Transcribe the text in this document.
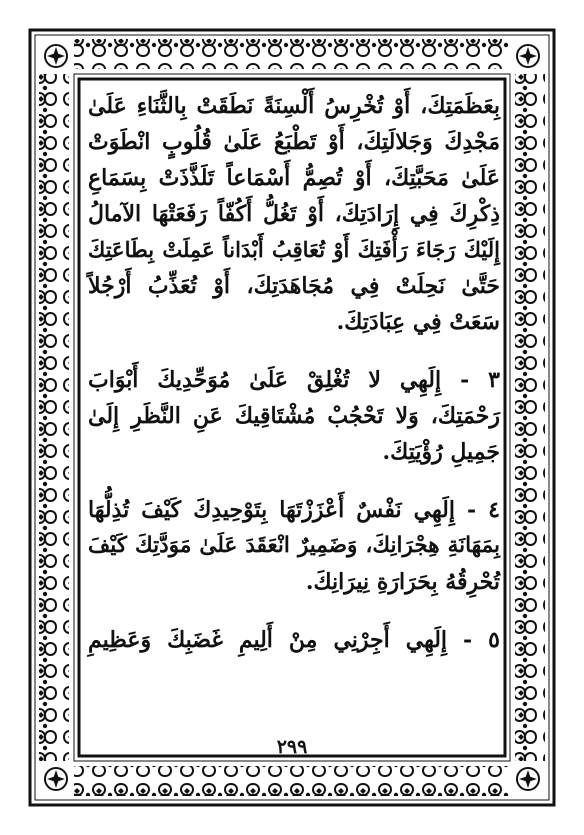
بِعَظَمَتِكَ، أَوْ تُخْرِسُ أَلْسِنَةً نَطَقَتْ بِالثَّنَاءِ عَلَىٰ
مَجْدِكَ وَجَلالَتِكَ، أَوْ تَطْبَعُ عَلَىٰ قُلُوبٍ انْطَوَتْ
عَلَىٰ مَحَبَّتِكَ، أَوْ تُصِمُّ أَسْمَاعاً تَلَذَّذَتْ بِسَمَاعِ
ذِكْرِكَ فِي إِرَادَتِكَ، أَوْ تَغُلُّ أَكُفّاً رَفَعَتْهَا الآمالُ
إِلَيْكَ رَجَاءَ رَأْفَتِكَ أَوْ تُعَاقِبُ أَبْدَاناً عَمِلَتْ بِطَاعَتِكَ
حَتَّىٰ نَحِلَتْ فِي مُجَاهَدَتِكَ، أَوْ تُعَذِّبُ أَرْجُلاً
سَعَتْ فِي عِبَادَتِكَ.
٣ - إِلَهِي لا تُغْلِقْ عَلَىٰ مُوَحِّدِيكَ أَبْوَابَ
رَحْمَتِكَ، وَلا تَحْجُبْ مُشْتَاقِيكَ عَنِ النَّظَرِ إِلَىٰ
جَمِيلِ رُؤْيَتِكَ.
٤ - إِلَهِي نَفْسٌ أَعْزَزْتَهَا بِتَوْحِيدِكَ كَيْفَ تُذِلُّهَا
بِمَهَانَةِ هِجْرَانِكَ، وَضَمِيرٌ انْعَقَدَ عَلَىٰ مَوَدَّتِكَ كَيْفَ
تُحْرِقُهُ بِحَرَارَةِ نِيرَانِكَ.
٥ - إِلَهِي أَجِرْنِي مِنْ أَلِيمِ غَضَبِكَ وَعَظِيمِ
٢٩٩
